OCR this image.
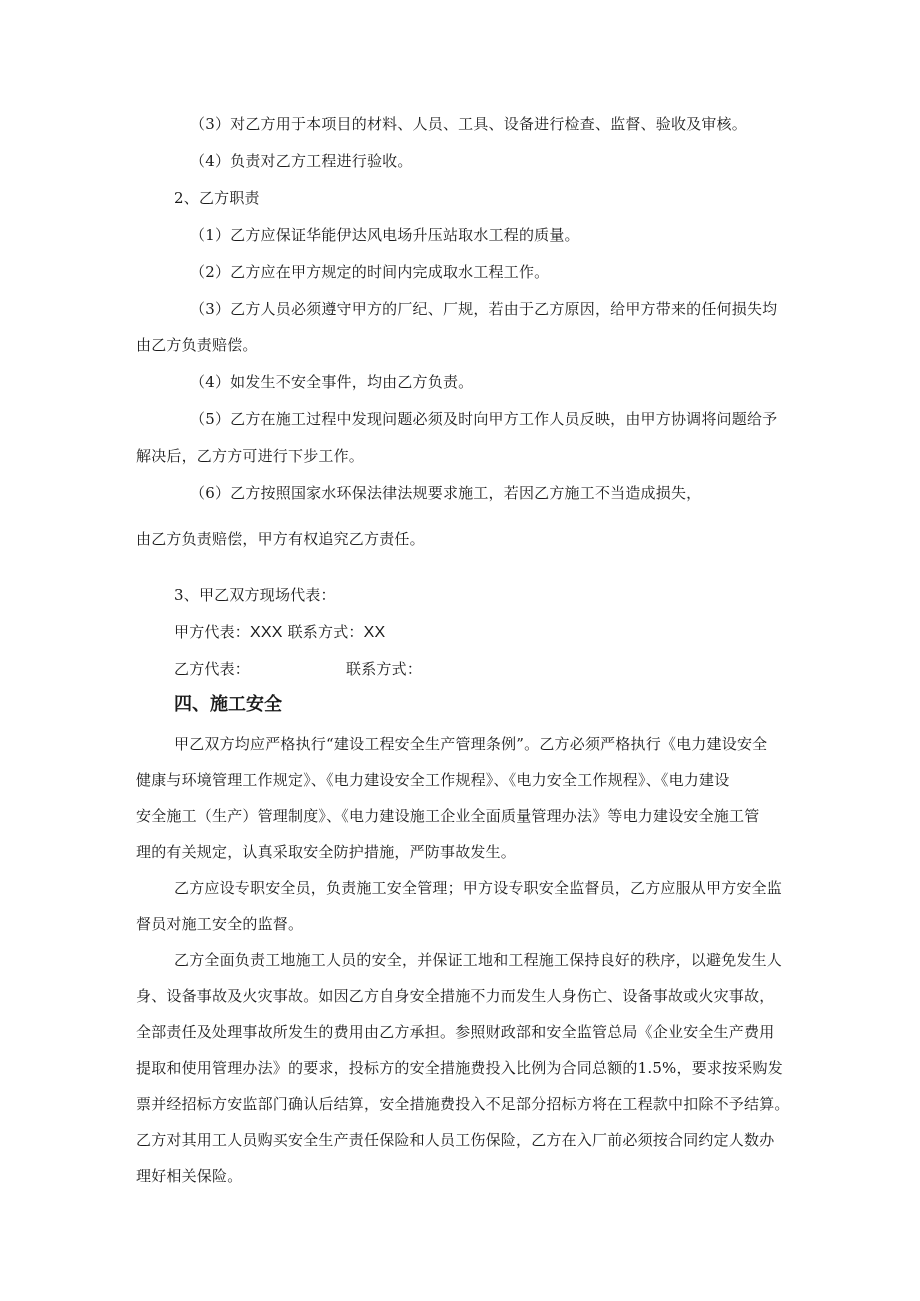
（3）对乙方用于本项目的材料、人员、工具、设备进行检查、监督、验收及审核。
（4）负责对乙方工程进行验收。
2、乙方职责
（1）乙方应保证华能伊达风电场升压站取水工程的质量。
（2）乙方应在甲方规定的时间内完成取水工程工作。
（3）乙方人员必须遵守甲方的厂纪、厂规，若由于乙方原因，给甲方带来的任何损失均
由乙方负责赔偿。
（4）如发生不安全事件，均由乙方负责。
（5）乙方在施工过程中发现问题必须及时向甲方工作人员反映，由甲方协调将问题给予
解决后，乙方方可进行下步工作。
（6）乙方按照国家水环保法律法规要求施工，若因乙方施工不当造成损失，
由乙方负责赔偿，甲方有权追究乙方责任。
3、甲乙双方现场代表：
甲方代表：XXX 联系方式：XX
乙方代表：	联系方式：
四、施工安全
甲乙双方均应严格执行“建设工程安全生产管理条例”。乙方必须严格执行《电力建设安全
健康与环境管理工作规定》、《电力建设安全工作规程》、《电力安全工作规程》、《电力建设
安全施工（生产）管理制度》、《电力建设施工企业全面质量管理办法》等电力建设安全施工管
理的有关规定，认真采取安全防护措施，严防事故发生。
乙方应设专职安全员，负责施工安全管理；甲方设专职安全监督员，乙方应服从甲方安全监
督员对施工安全的监督。
乙方全面负责工地施工人员的安全，并保证工地和工程施工保持良好的秩序，以避免发生人
身、设备事故及火灾事故。如因乙方自身安全措施不力而发生人身伤亡、设备事故或火灾事故，
全部责任及处理事故所发生的费用由乙方承担。参照财政部和安全监管总局《企业安全生产费用
提取和使用管理办法》的要求，投标方的安全措施费投入比例为合同总额的1.5%，要求按采购发
票并经招标方安监部门确认后结算，安全措施费投入不足部分招标方将在工程款中扣除不予结算。
乙方对其用工人员购买安全生产责任保险和人员工伤保险，乙方在入厂前必须按合同约定人数办
理好相关保险。
